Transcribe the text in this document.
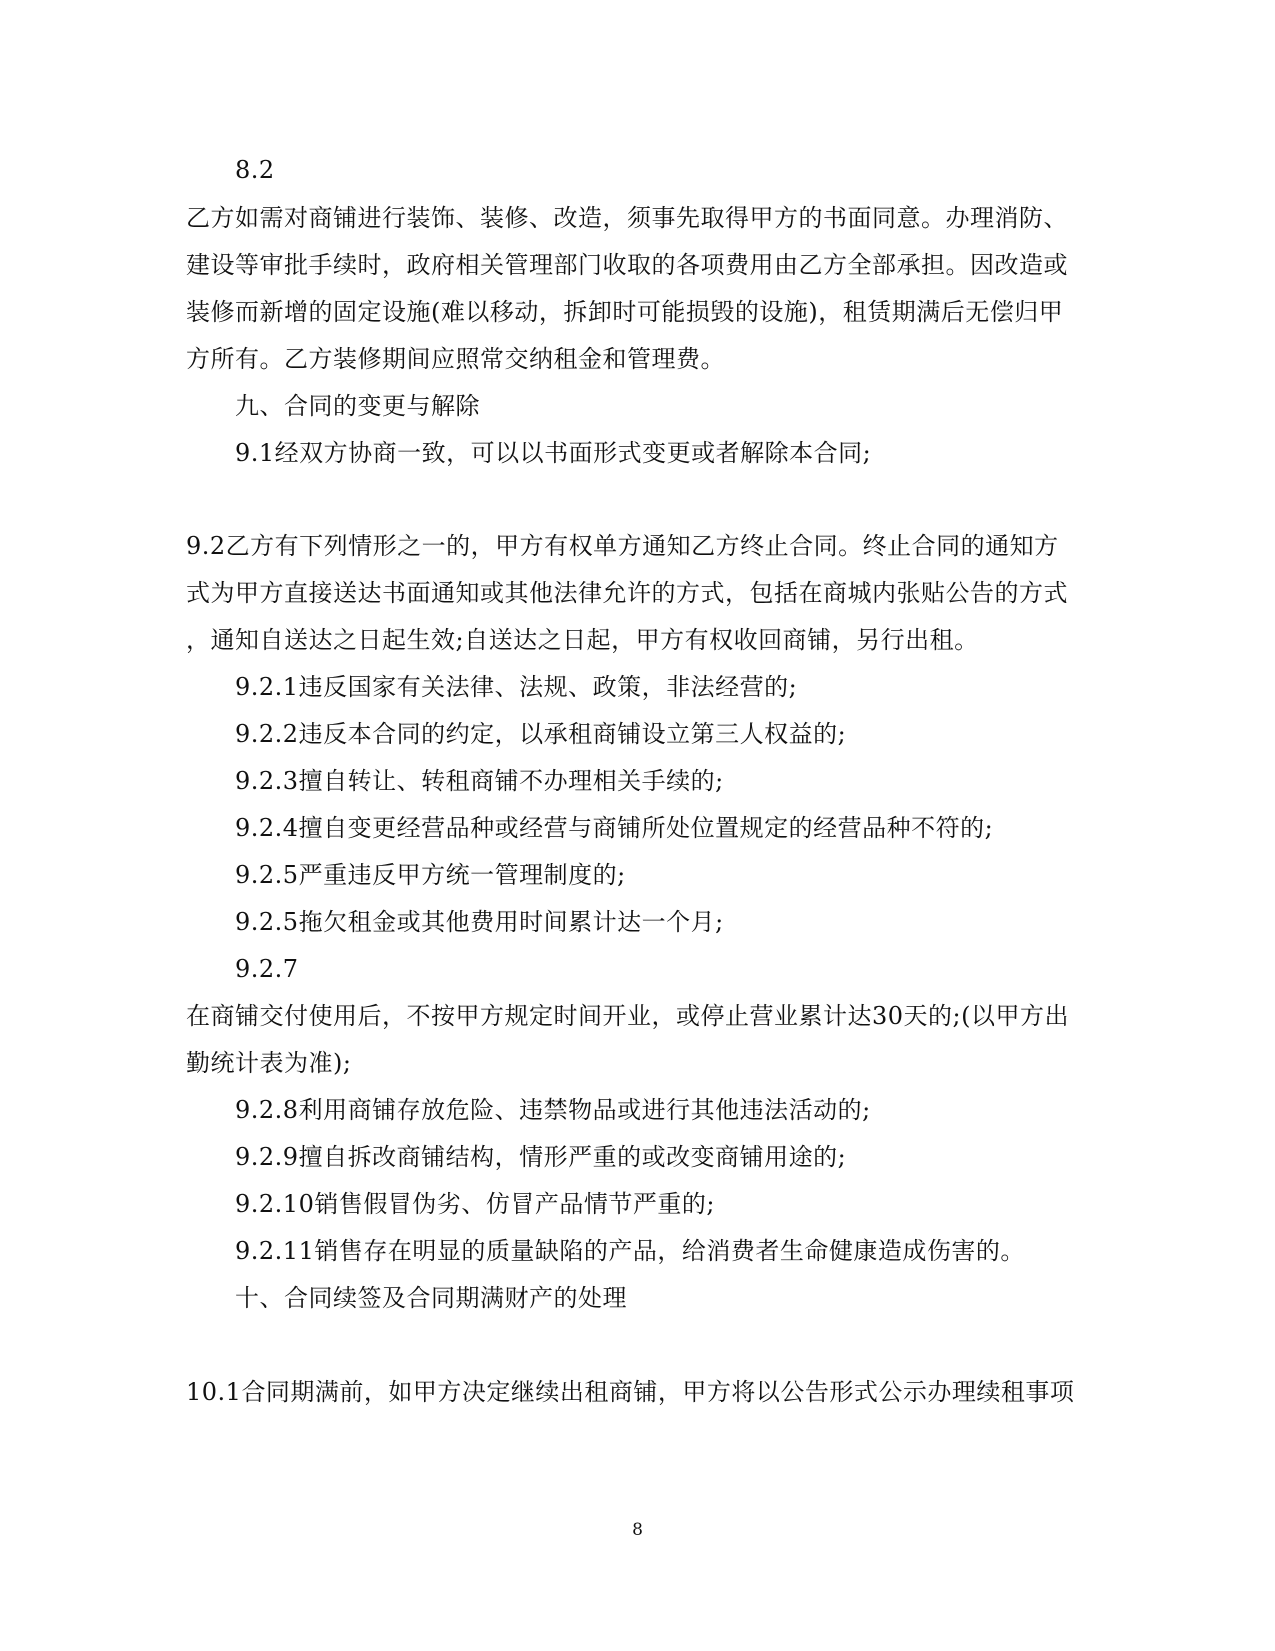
8.2

乙方如需对商铺进行装饰、装修、改造，须事先取得甲方的书面同意。办理消防、

建设等审批手续时，政府相关管理部门收取的各项费用由乙方全部承担。因改造或

装修而新增的固定设施(难以移动，拆卸时可能损毁的设施)，租赁期满后无偿归甲

方所有。乙方装修期间应照常交纳租金和管理费。

九、合同的变更与解除

9.1经双方协商一致，可以以书面形式变更或者解除本合同;

9.2乙方有下列情形之一的，甲方有权单方通知乙方终止合同。终止合同的通知方

式为甲方直接送达书面通知或其他法律允许的方式，包括在商城内张贴公告的方式

，通知自送达之日起生效;自送达之日起，甲方有权收回商铺，另行出租。

9.2.1违反国家有关法律、法规、政策，非法经营的;

9.2.2违反本合同的约定，以承租商铺设立第三人权益的;

9.2.3擅自转让、转租商铺不办理相关手续的;

9.2.4擅自变更经营品种或经营与商铺所处位置规定的经营品种不符的;

9.2.5严重违反甲方统一管理制度的;

9.2.5拖欠租金或其他费用时间累计达一个月;

9.2.7

在商铺交付使用后，不按甲方规定时间开业，或停止营业累计达30天的;(以甲方出

勤统计表为准);

9.2.8利用商铺存放危险、违禁物品或进行其他违法活动的;

9.2.9擅自拆改商铺结构，情形严重的或改变商铺用途的;

9.2.10销售假冒伪劣、仿冒产品情节严重的;

9.2.11销售存在明显的质量缺陷的产品，给消费者生命健康造成伤害的。

十、合同续签及合同期满财产的处理

10.1合同期满前，如甲方决定继续出租商铺，甲方将以公告形式公示办理续租事项

8
